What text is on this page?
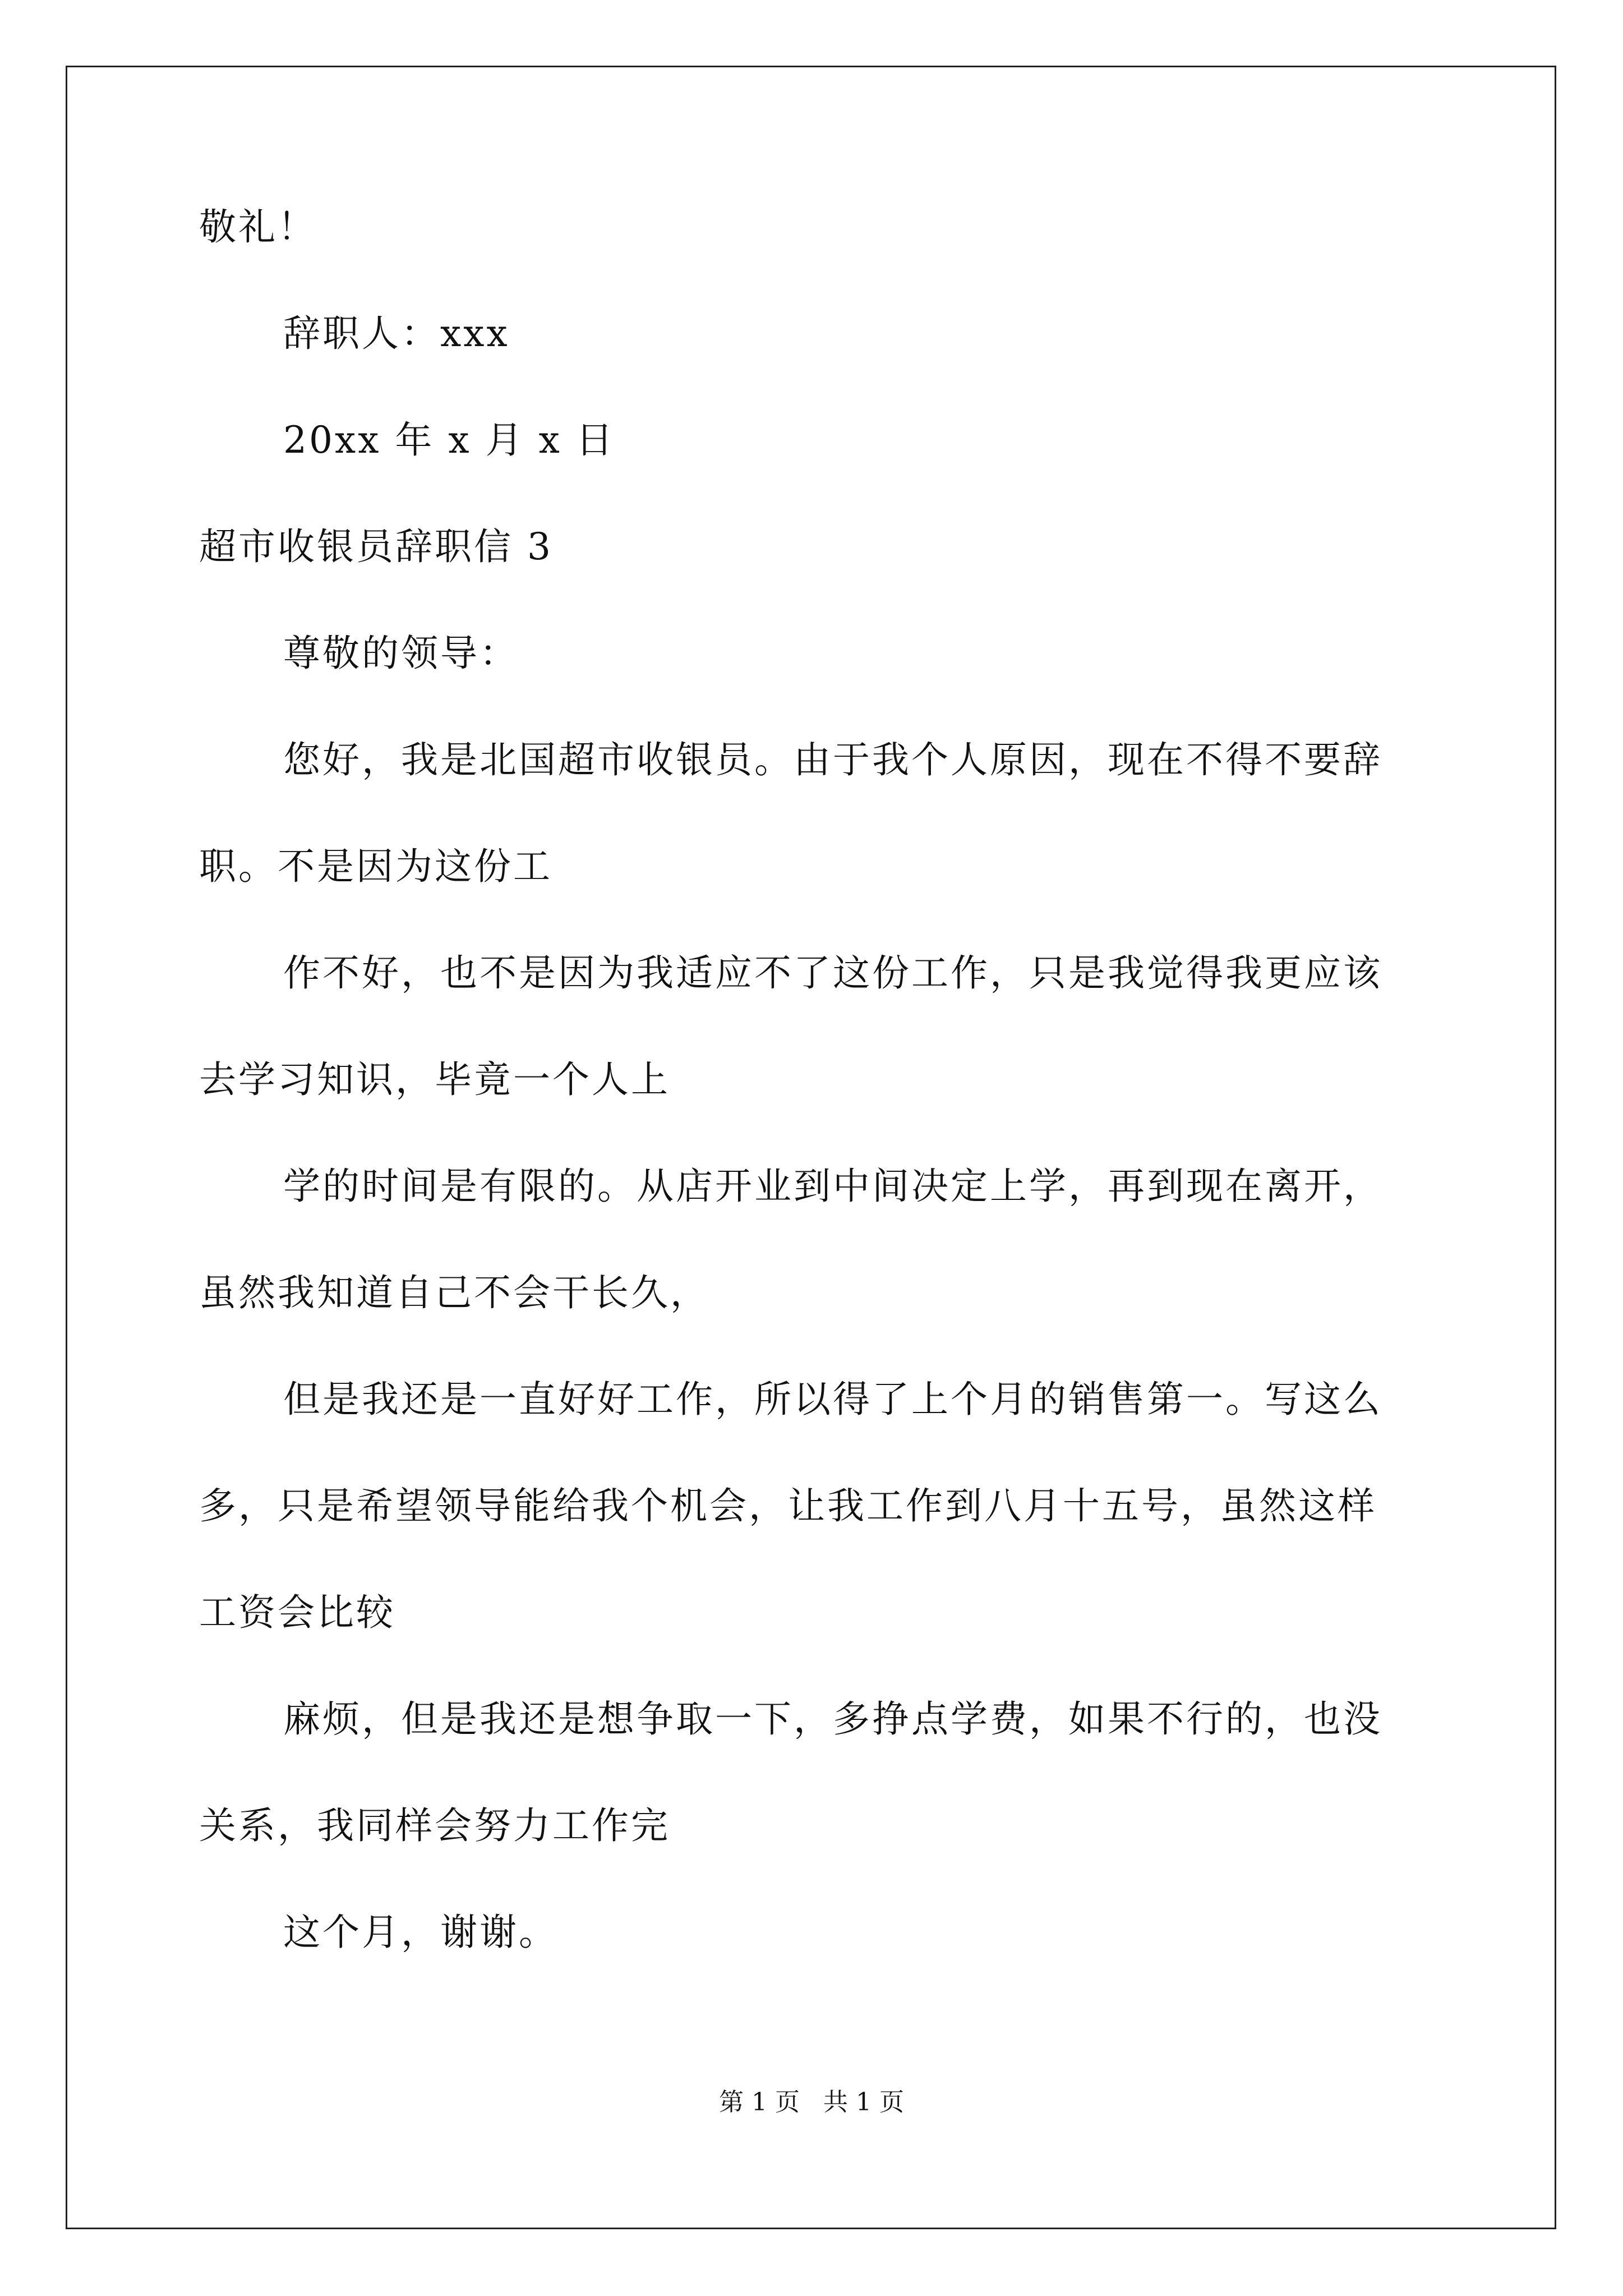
敬礼！
辞职人：xxx
20xx 年 x 月 x 日
超市收银员辞职信 3
尊敬的领导：
您好，我是北国超市收银员。由于我个人原因，现在不得不要辞
职。不是因为这份工
作不好，也不是因为我适应不了这份工作，只是我觉得我更应该
去学习知识，毕竟一个人上
学的时间是有限的。从店开业到中间决定上学，再到现在离开，
虽然我知道自己不会干长久，
但是我还是一直好好工作，所以得了上个月的销售第一。写这么
多，只是希望领导能给我个机会，让我工作到八月十五号，虽然这样
工资会比较
麻烦，但是我还是想争取一下，多挣点学费，如果不行的，也没
关系，我同样会努力工作完
这个月，谢谢。
第 1 页   共 1 页
